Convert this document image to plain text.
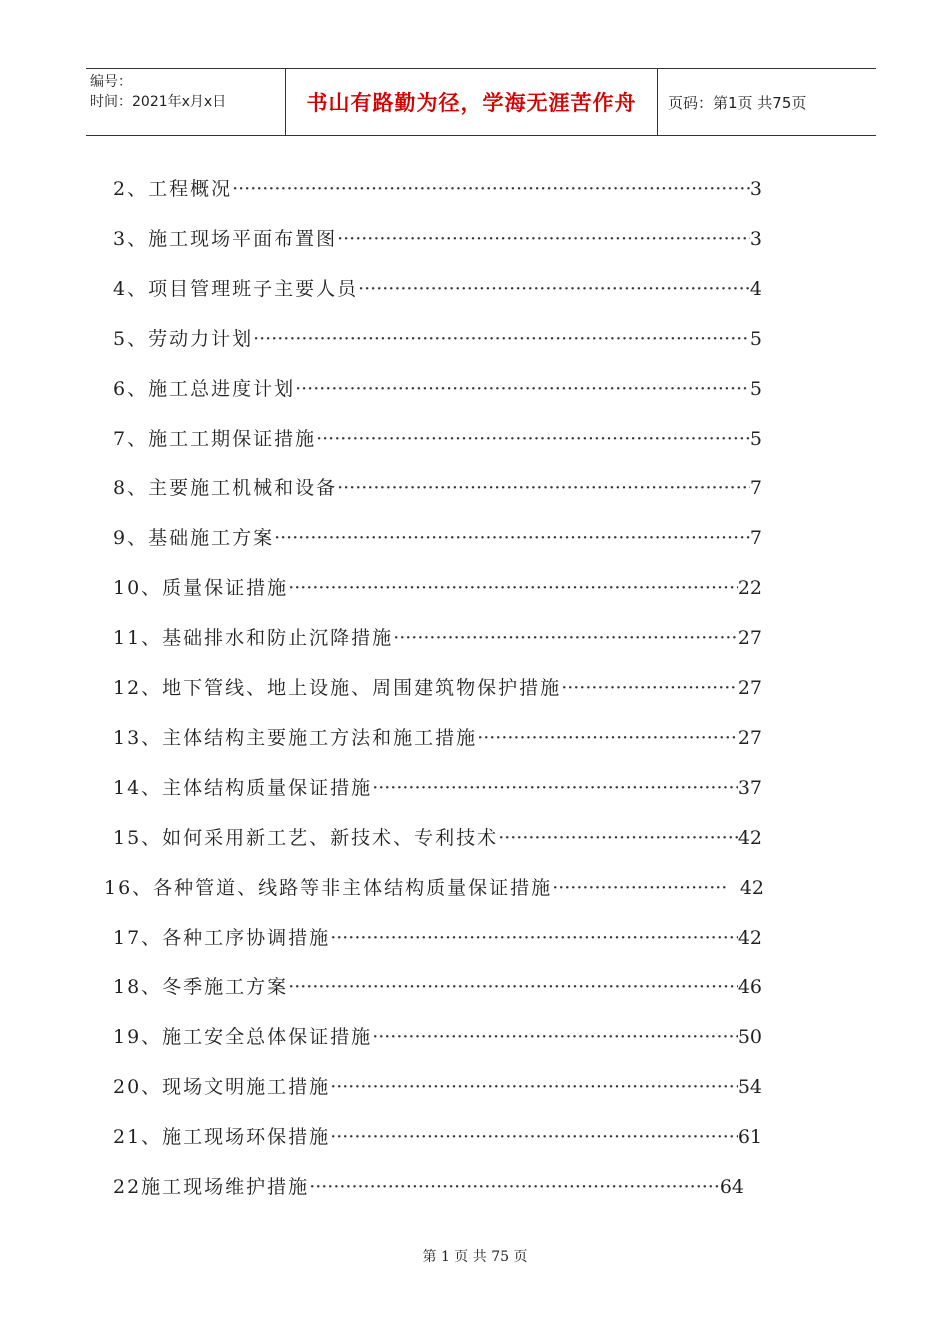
编号：
时间：2021年x月x日	书山有路勤为径，学海无涯苦作舟	页码：第1页 共75页
2、工程概况 ·····	3
3、施工现场平面布置图 ·····	3
4、项目管理班子主要人员 ·····	4
5、劳动力计划 ·····	5
6、施工总进度计划 ·····	5
7、施工工期保证措施 ·····	5
8、主要施工机械和设备 ·····	7
9、基础施工方案 ·····	7
10、质量保证措施 ·····	22
11、基础排水和防止沉降措施 ·····	27
12、地下管线、地上设施、周围建筑物保护措施 ·····	27
13、主体结构主要施工方法和施工措施 ·····	27
14、主体结构质量保证措施 ·····	37
15、如何采用新工艺、新技术、专利技术 ·····	42
16、各种管道、线路等非主体结构质量保证措施 ·····	42
17、各种工序协调措施 ·····	42
18、冬季施工方案 ·····	46
19、施工安全总体保证措施 ·····	50
20、现场文明施工措施 ·····	54
21、施工现场环保措施 ·····	61
22施工现场维护措施 ·····	64
第 1 页 共 75 页
